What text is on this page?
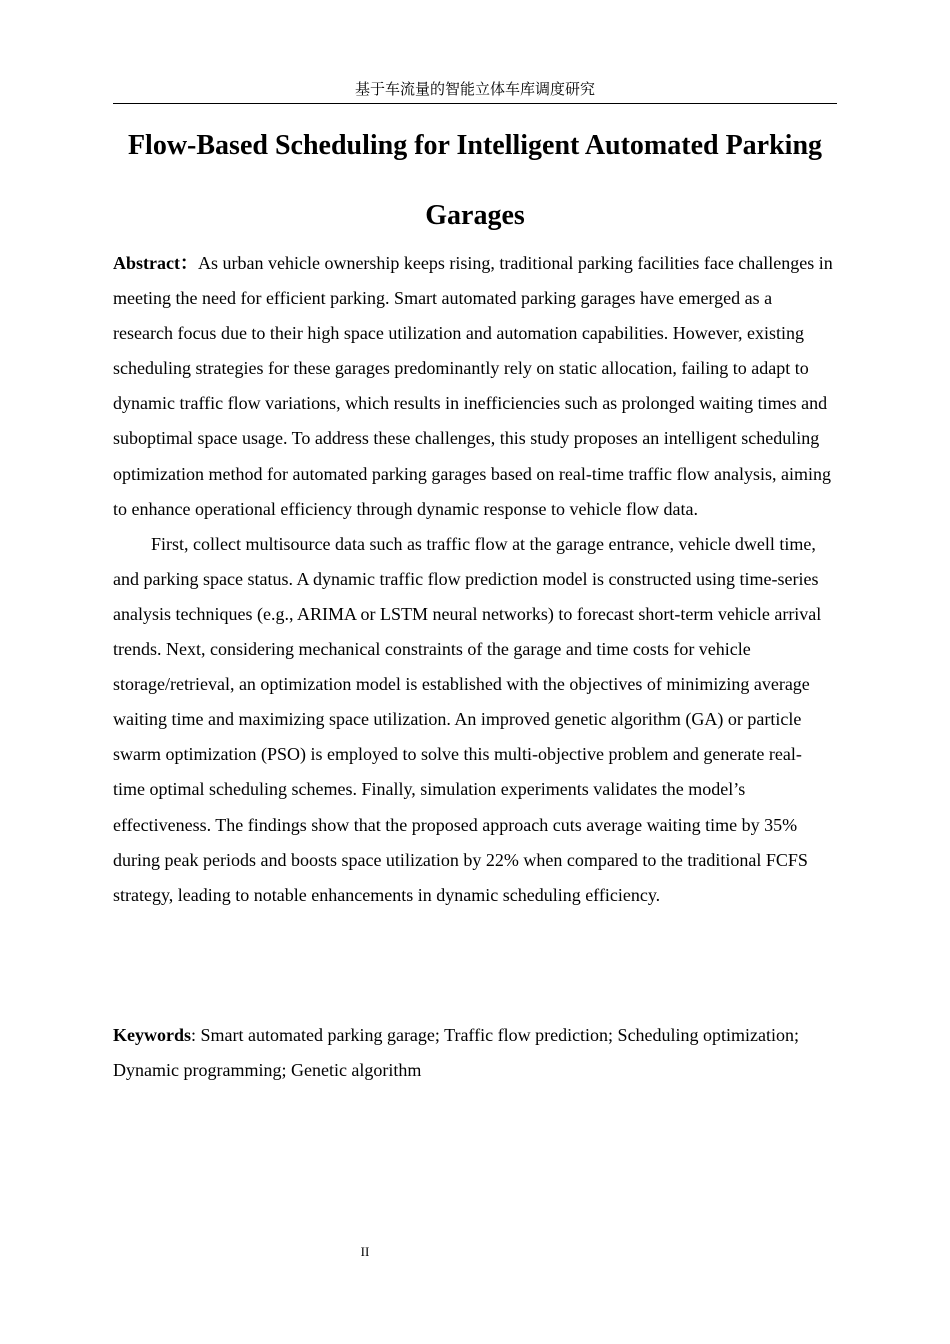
基于车流量的智能立体车库调度研究
Flow-Based Scheduling for Intelligent Automated Parking Garages

Abstract：As urban vehicle ownership keeps rising, traditional parking facilities face challenges in meeting the need for efficient parking. Smart automated parking garages have emerged as a research focus due to their high space utilization and automation capabilities. However, existing scheduling strategies for these garages predominantly rely on static allocation, failing to adapt to dynamic traffic flow variations, which results in inefficiencies such as prolonged waiting times and suboptimal space usage. To address these challenges, this study proposes an intelligent scheduling optimization method for automated parking garages based on real-time traffic flow analysis, aiming to enhance operational efficiency through dynamic response to vehicle flow data.

First, collect multisource data such as traffic flow at the garage entrance, vehicle dwell time, and parking space status. A dynamic traffic flow prediction model is constructed using time-series analysis techniques (e.g., ARIMA or LSTM neural networks) to forecast short-term vehicle arrival trends. Next, considering mechanical constraints of the garage and time costs for vehicle storage/retrieval, an optimization model is established with the objectives of minimizing average waiting time and maximizing space utilization. An improved genetic algorithm (GA) or particle swarm optimization (PSO) is employed to solve this multi-objective problem and generate real-time optimal scheduling schemes. Finally, simulation experiments validates the model’s effectiveness. The findings show that the proposed approach cuts average waiting time by 35% during peak periods and boosts space utilization by 22% when compared to the traditional FCFS strategy, leading to notable enhancements in dynamic scheduling efficiency.

Keywords: Smart automated parking garage; Traffic flow prediction; Scheduling optimization; Dynamic programming; Genetic algorithm
II
